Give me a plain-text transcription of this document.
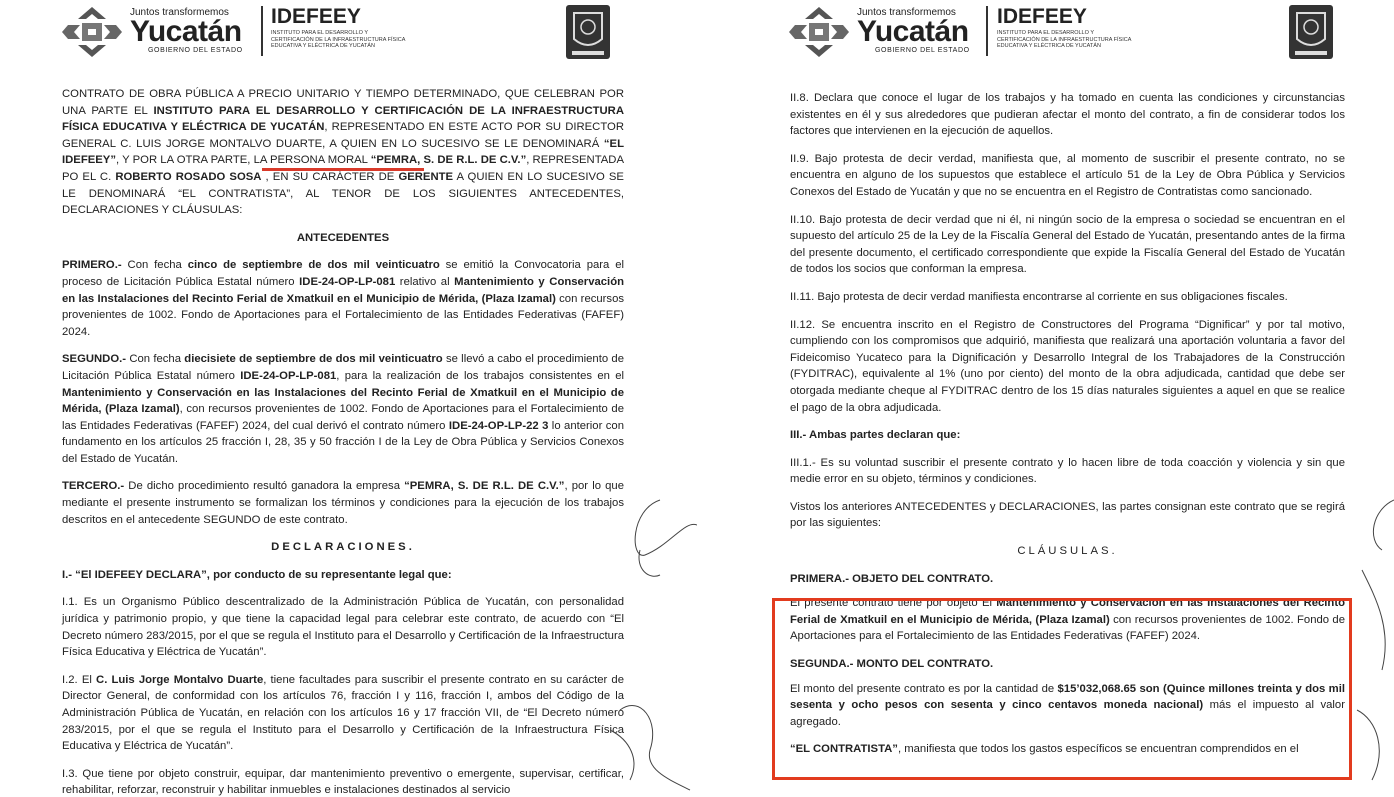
Juntos transformemos
Yucatán
GOBIERNO DEL ESTADO
IDEFEEY
INSTITUTO PARA EL DESARROLLO Y CERTIFICACIÓN DE LA INFRAESTRUCTURA FÍSICA EDUCATIVA Y ELÉCTRICA DE YUCATÁN

CONTRATO DE OBRA PÚBLICA A PRECIO UNITARIO Y TIEMPO DETERMINADO, QUE CELEBRAN POR UNA PARTE EL INSTITUTO PARA EL DESARROLLO Y CERTIFICACIÓN DE LA INFRAESTRUCTURA FÍSICA EDUCATIVA Y ELÉCTRICA DE YUCATÁN, REPRESENTADO EN ESTE ACTO POR SU DIRECTOR GENERAL C. LUIS JORGE MONTALVO DUARTE, A QUIEN EN LO SUCESIVO SE LE DENOMINARÁ “EL IDEFEEY”, Y POR LA OTRA PARTE, LA PERSONA MORAL “PEMRA, S. DE R.L. DE C.V.”, REPRESENTADA PO EL C. ROBERTO ROSADO SOSA , EN SU CARÁCTER DE GERENTE A QUIEN EN LO SUCESIVO SE LE DENOMINARÁ “EL CONTRATISTA”, AL TENOR DE LOS SIGUIENTES ANTECEDENTES, DECLARACIONES Y CLÁUSULAS:

ANTECEDENTES

PRIMERO.- Con fecha cinco de septiembre de dos mil veinticuatro se emitió la Convocatoria para el proceso de Licitación Pública Estatal número IDE-24-OP-LP-081 relativo al Mantenimiento y Conservación en las Instalaciones del Recinto Ferial de Xmatkuil en el Municipio de Mérida, (Plaza Izamal) con recursos provenientes de 1002. Fondo de Aportaciones para el Fortalecimiento de las Entidades Federativas (FAFEF) 2024.

SEGUNDO.- Con fecha diecisiete de septiembre de dos mil veinticuatro se llevó a cabo el procedimiento de Licitación Pública Estatal número IDE-24-OP-LP-081, para la realización de los trabajos consistentes en el Mantenimiento y Conservación en las Instalaciones del Recinto Ferial de Xmatkuil en el Municipio de Mérida, (Plaza Izamal), con recursos provenientes de 1002. Fondo de Aportaciones para el Fortalecimiento de las Entidades Federativas (FAFEF) 2024, del cual derivó el contrato número IDE-24-OP-LP-22 3 lo anterior con fundamento en los artículos 25 fracción I, 28, 35 y 50 fracción I de la Ley de Obra Pública y Servicios Conexos del Estado de Yucatán.

TERCERO.- De dicho procedimiento resultó ganadora la empresa “PEMRA, S. DE R.L. DE C.V.”, por lo que mediante el presente instrumento se formalizan los términos y condiciones para la ejecución de los trabajos descritos en el antecedente SEGUNDO de este contrato.

DECLARACIONES.

I.- “El IDEFEEY DECLARA”, por conducto de su representante legal que:

I.1. Es un Organismo Público descentralizado de la Administración Pública de Yucatán, con personalidad jurídica y patrimonio propio, y que tiene la capacidad legal para celebrar este contrato, de acuerdo con “El Decreto número 283/2015, por el que se regula el Instituto para el Desarrollo y Certificación de la Infraestructura Física Educativa y Eléctrica de Yucatán”.

I.2. El C. Luis Jorge Montalvo Duarte, tiene facultades para suscribir el presente contrato en su carácter de Director General, de conformidad con los artículos 76, fracción I y 116, fracción I, ambos del Código de la Administración Pública de Yucatán, en relación con los artículos 16 y 17 fracción VII, de “El Decreto número 283/2015, por el que se regula el Instituto para el Desarrollo y Certificación de la Infraestructura Física Educativa y Eléctrica de Yucatán”.

I.3. Que tiene por objeto construir, equipar, dar mantenimiento preventivo o emergente, supervisar, certificar, rehabilitar, reforzar, reconstruir y habilitar inmuebles e instalaciones destinados al servicio

Juntos transformemos
Yucatán
GOBIERNO DEL ESTADO
IDEFEEY
INSTITUTO PARA EL DESARROLLO Y CERTIFICACIÓN DE LA INFRAESTRUCTURA FÍSICA EDUCATIVA Y ELÉCTRICA DE YUCATÁN

II.8. Declara que conoce el lugar de los trabajos y ha tomado en cuenta las condiciones y circunstancias existentes en él y sus alrededores que pudieran afectar el monto del contrato, a fin de considerar todos los factores que intervienen en la ejecución de aquellos.

II.9. Bajo protesta de decir verdad, manifiesta que, al momento de suscribir el presente contrato, no se encuentra en alguno de los supuestos que establece el artículo 51 de la Ley de Obra Pública y Servicios Conexos del Estado de Yucatán y que no se encuentra en el Registro de Contratistas como sancionado.

II.10. Bajo protesta de decir verdad que ni él, ni ningún socio de la empresa o sociedad se encuentran en el supuesto del artículo 25 de la Ley de la Fiscalía General del Estado de Yucatán, presentando antes de la firma del presente documento, el certificado correspondiente que expide la Fiscalía General del Estado de Yucatán de todos los socios que conforman la empresa.

II.11. Bajo protesta de decir verdad manifiesta encontrarse al corriente en sus obligaciones fiscales.

II.12. Se encuentra inscrito en el Registro de Constructores del Programa “Dignificar” y por tal motivo, cumpliendo con los compromisos que adquirió, manifiesta que realizará una aportación voluntaria a favor del Fideicomiso Yucateco para la Dignificación y Desarrollo Integral de los Trabajadores de la Construcción (FYDITRAC), equivalente al 1% (uno por ciento) del monto de la obra adjudicada, cantidad que debe ser otorgada mediante cheque al FYDITRAC dentro de los 15 días naturales siguientes a aquel en que se realice el pago de la obra adjudicada.

III.- Ambas partes declaran que:

III.1.- Es su voluntad suscribir el presente contrato y lo hacen libre de toda coacción y violencia y sin que medie error en su objeto, términos y condiciones.

Vistos los anteriores ANTECEDENTES y DECLARACIONES, las partes consignan este contrato que se regirá por las siguientes:

CLÁUSULAS.

PRIMERA.- OBJETO DEL CONTRATO.

El presente contrato tiene por objeto El Mantenimiento y Conservación en las Instalaciones del Recinto Ferial de Xmatkuil en el Municipio de Mérida, (Plaza Izamal) con recursos provenientes de 1002. Fondo de Aportaciones para el Fortalecimiento de las Entidades Federativas (FAFEF) 2024.

SEGUNDA.- MONTO DEL CONTRATO.

El monto del presente contrato es por la cantidad de $15’032,068.65 son (Quince millones treinta y dos mil sesenta y ocho pesos con sesenta y cinco centavos moneda nacional) más el impuesto al valor agregado.

“EL CONTRATISTA”, manifiesta que todos los gastos específicos se encuentran comprendidos en el
